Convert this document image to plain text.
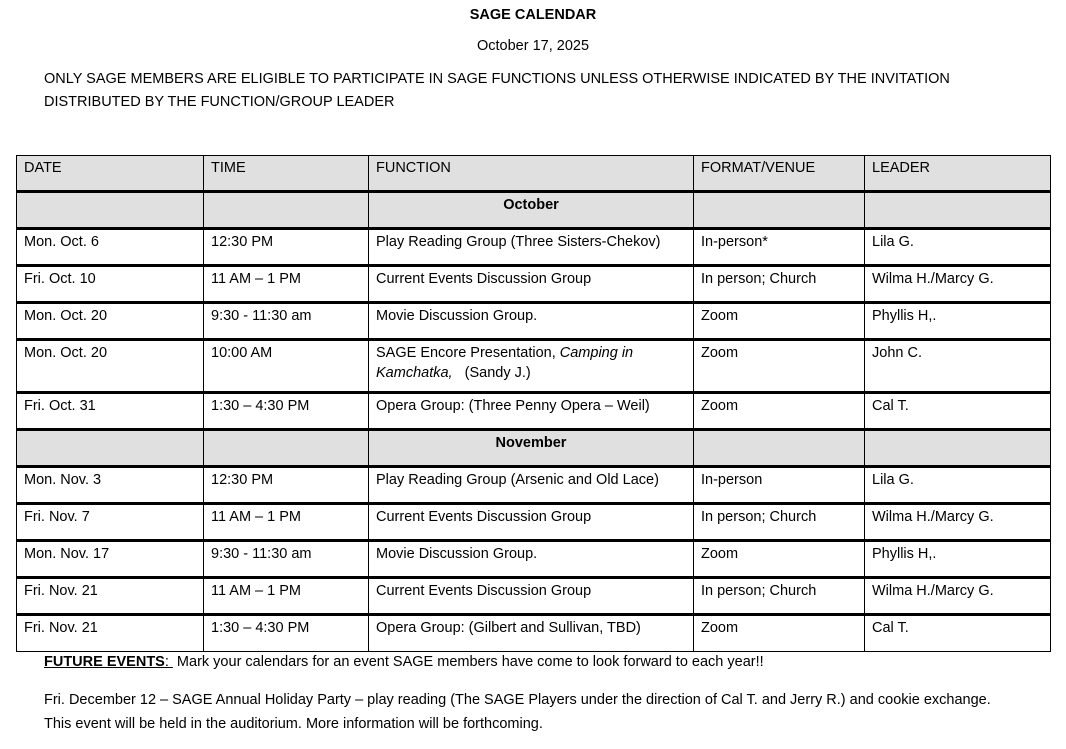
SAGE CALENDAR
October 17, 2025
ONLY SAGE MEMBERS ARE ELIGIBLE TO PARTICIPATE IN SAGE FUNCTIONS UNLESS OTHERWISE INDICATED BY THE INVITATION DISTRIBUTED BY THE FUNCTION/GROUP LEADER
DATE	TIME	FUNCTION	FORMAT/VENUE	LEADER
		October		
Mon. Oct. 6	12:30 PM	Play Reading Group (Three Sisters-Chekov)	In-person*	Lila G.
Fri. Oct. 10	11 AM – 1 PM	Current Events Discussion Group	In person; Church	Wilma H./Marcy G.
Mon. Oct. 20	9:30 - 11:30 am	Movie Discussion Group.	Zoom	Phyllis H,.
Mon. Oct. 20	10:00 AM	SAGE Encore Presentation, Camping in Kamchatka,   (Sandy J.)	Zoom	John C.
Fri. Oct. 31	1:30 – 4:30 PM	Opera Group: (Three Penny Opera – Weil)	Zoom	Cal T.
		November		
Mon. Nov. 3	12:30 PM	Play Reading Group (Arsenic and Old Lace)	In-person	Lila G.
Fri. Nov. 7	11 AM – 1 PM	Current Events Discussion Group	In person; Church	Wilma H./Marcy G.
Mon. Nov. 17	9:30 - 11:30 am	Movie Discussion Group.	Zoom	Phyllis H,.
Fri. Nov. 21	11 AM – 1 PM	Current Events Discussion Group	In person; Church	Wilma H./Marcy G.
Fri. Nov. 21	1:30 – 4:30 PM	Opera Group: (Gilbert and Sullivan, TBD)	Zoom	Cal T.
FUTURE EVENTS:  Mark your calendars for an event SAGE members have come to look forward to each year!!
Fri. December 12 – SAGE Annual Holiday Party – play reading (The SAGE Players under the direction of Cal T. and Jerry R.) and cookie exchange. This event will be held in the auditorium. More information will be forthcoming.
